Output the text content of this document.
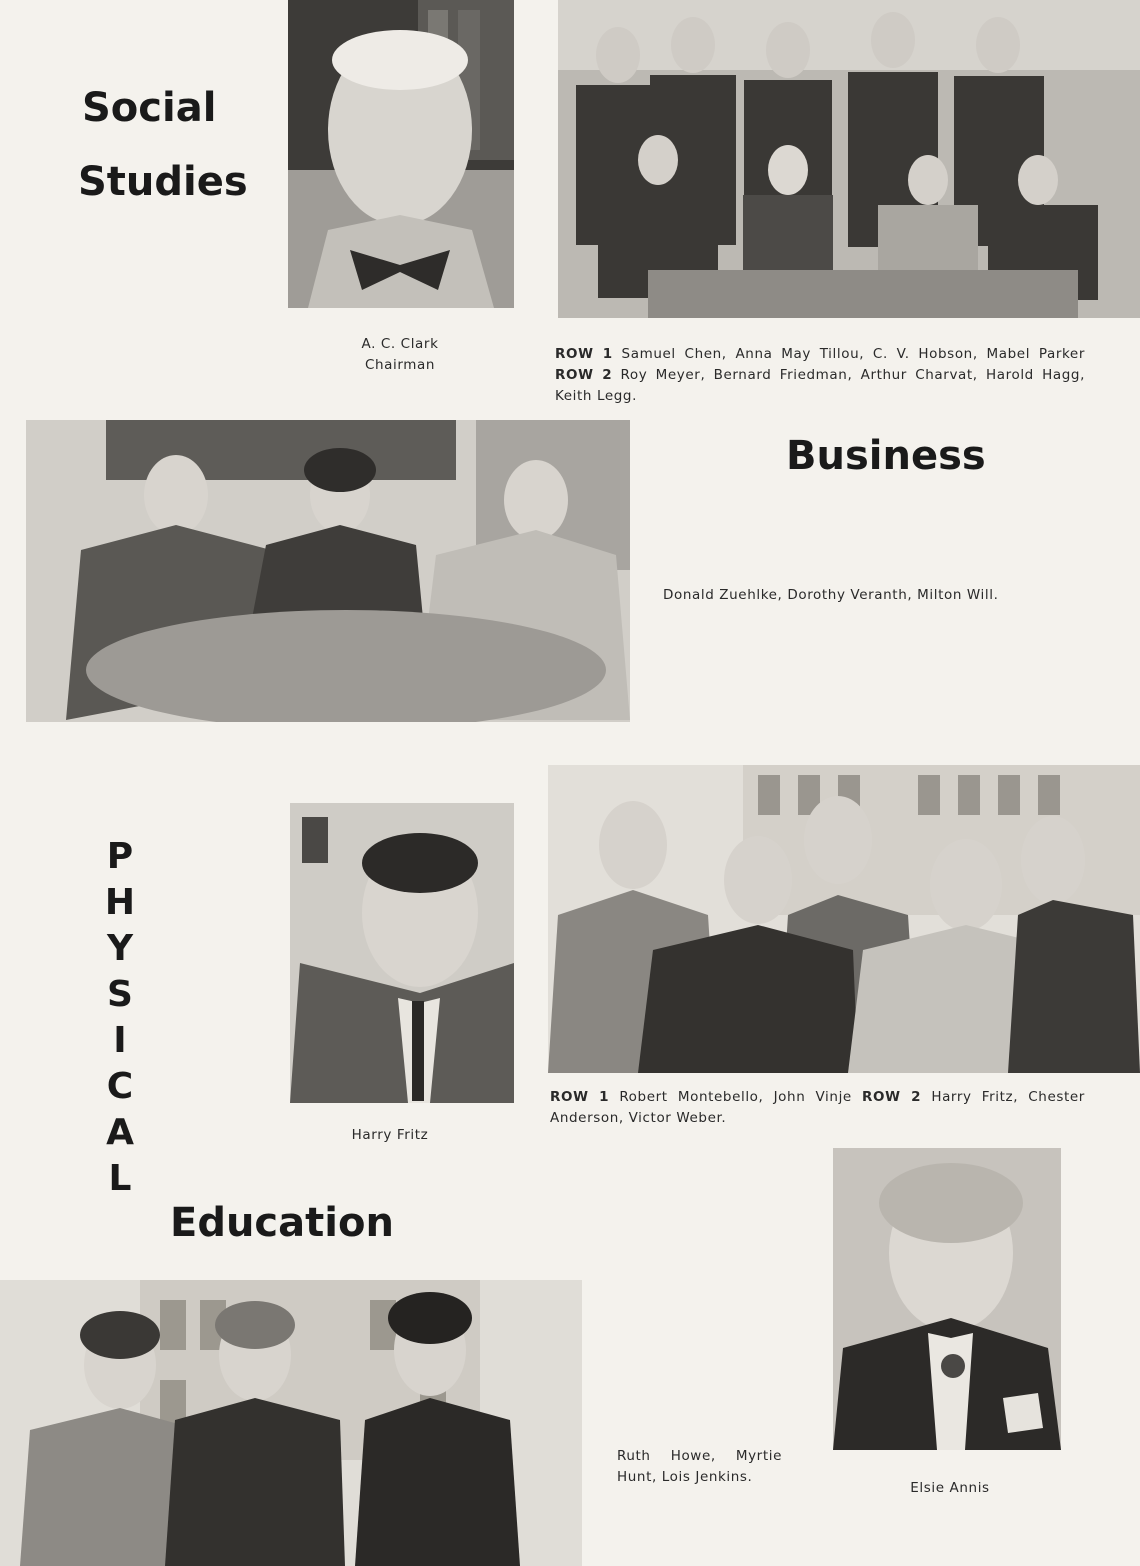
Social
Studies
A. C. Clark
Chairman
ROW 1 Samuel Chen, Anna May Tillou, C. V. Hobson, Mabel Parker ROW 2 Roy Meyer, Bernard Friedman, Arthur Charvat, Harold Hagg, Keith Legg.
Business
Donald Zuehlke, Dorothy Veranth, Milton Will.
P
H
Y
S
I
C
A
L
Education
Harry Fritz
ROW 1 Robert Montebello, John Vinje ROW 2 Harry Fritz, Chester Anderson, Victor Weber.
Ruth Howe, Myrtie Hunt, Lois Jenkins.
Elsie Annis
